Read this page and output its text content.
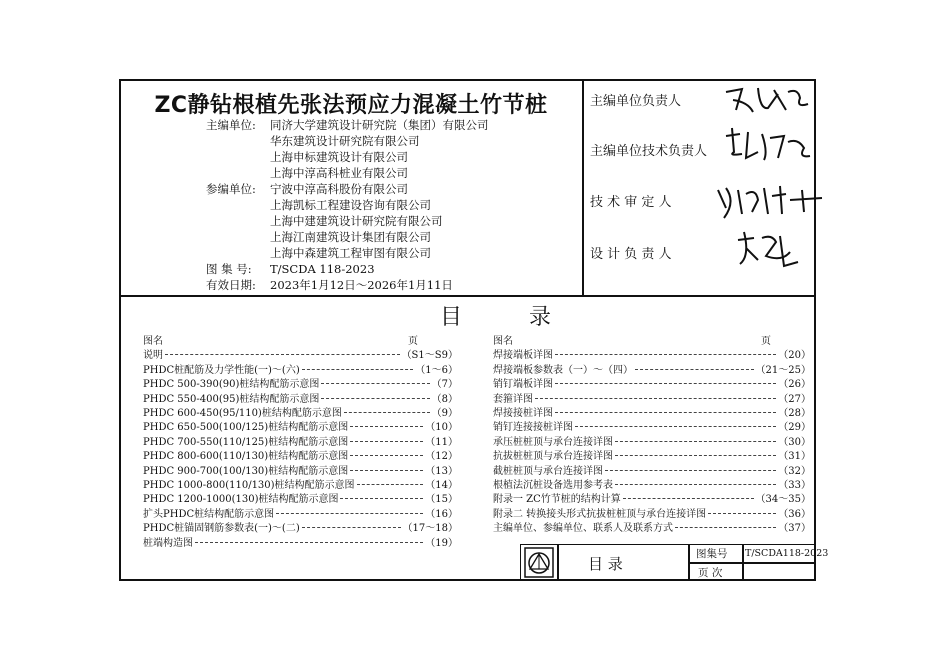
ZC静钻根植先张法预应力混凝土竹节桩
主编单位: 同济大学建筑设计研究院（集团）有限公司
华东建筑设计研究院有限公司
上海申标建筑设计有限公司
上海中淳高科桩业有限公司
参编单位: 宁波中淳高科股份有限公司
上海凯标工程建设咨询有限公司
上海中建建筑设计研究院有限公司
上海江南建筑设计集团有限公司
上海中森建筑工程审图有限公司
图 集 号: T/SCDA 118-2023
有效日期: 2023年1月12日～2026年1月11日
主编单位负责人
主编单位技术负责人
技 术 审 定 人
设 计 负 责 人
目 录
图名	页
说明	（S1～S9）
PHDC桩配筋及力学性能(一)～(六)	（1～6）
PHDC 500-390(90)桩结构配筋示意图	（7）
PHDC 550-400(95)桩结构配筋示意图	（8）
PHDC 600-450(95/110)桩结构配筋示意图	（9）
PHDC 650-500(100/125)桩结构配筋示意图	（10）
PHDC 700-550(110/125)桩结构配筋示意图	（11）
PHDC 800-600(110/130)桩结构配筋示意图	（12）
PHDC 900-700(100/130)桩结构配筋示意图	（13）
PHDC 1000-800(110/130)桩结构配筋示意图	（14）
PHDC 1200-1000(130)桩结构配筋示意图	（15）
扩头PHDC桩结构配筋示意图	（16）
PHDC桩锚固钢筋参数表(一)～(二)	（17～18）
桩端构造图	（19）
图名	页
焊接端板详图	（20）
焊接端板参数表（一）～（四）	（21～25）
销钉端板详图	（26）
套箍详图	（27）
焊接接桩详图	（28）
销钉连接接桩详图	（29）
承压桩桩顶与承台连接详图	（30）
抗拔桩桩顶与承台连接详图	（31）
截桩桩顶与承台连接详图	（32）
根植法沉桩设备选用参考表	（33）
附录一 ZC竹节桩的结构计算	（34～35）
附录二 转换接头形式抗拔桩桩顶与承台连接详图	（36）
主编单位、参编单位、联系人及联系方式	（37）
目 录
图集号 T/SCDA118-2023
页 次
